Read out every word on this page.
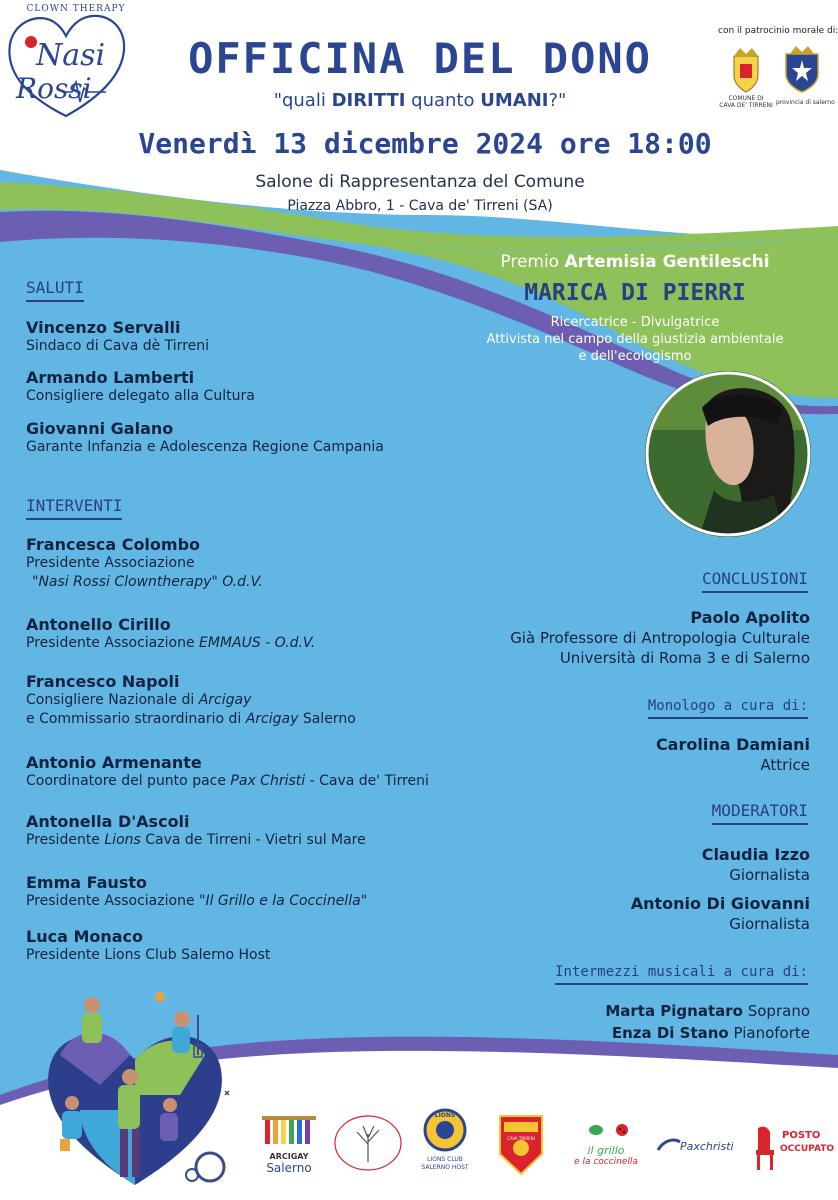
CLOWN THERAPY
Nasi
Rossi
OFFICINA DEL DONO
"quali DIRITTI quanto UMANI?"
Venerdì 13 dicembre 2024 ore 18:00
Salone di Rappresentanza del Comune
Piazza Abbro, 1 - Cava de' Tirreni (SA)
con il patrocinio morale di:
COMUNE DI
CAVA DE' TIRRENI provincia di salerno
SALUTI
Vincenzo Servalli
Sindaco di Cava dè Tirreni
Armando Lamberti
Consigliere delegato alla Cultura
Giovanni Galano
Garante Infanzia e Adolescenza Regione Campania
INTERVENTI
Francesca Colombo
Presidente Associazione
"Nasi Rossi Clowntherapy" O.d.V.
Antonello Cirillo
Presidente Associazione EMMAUS - O.d.V.
Francesco Napoli
Consigliere Nazionale di Arcigay
e Commissario straordinario di Arcigay Salerno
Antonio Armenante
Coordinatore del punto pace Pax Christi - Cava de' Tirreni
Antonella D'Ascoli
Presidente Lions Cava de Tirreni - Vietri sul Mare
Emma Fausto
Presidente Associazione "Il Grillo e la Coccinella"
Luca Monaco
Presidente Lions Club Salerno Host
Premio Artemisia Gentileschi
MARICA DI PIERRI
Ricercatrice - Divulgatrice
Attivista nel campo della giustizia ambientale
e dell'ecologismo
CONCLUSIONI
Paolo Apolito
Già Professore di Antropologia Culturale
Università di Roma 3 e di Salerno
Monologo a cura di:
Carolina Damiani
Attrice
MODERATORI
Claudia Izzo
Giornalista
Antonio Di Giovanni
Giornalista
Intermezzi musicali a cura di:
Marta Pignataro Soprano
Enza Di Stano Pianoforte
ARCIGAY
Salerno
LIONS
LIONS CLUB
SALERNO HOST
CAVA TIRRENI
il grillo
e la coccinella
Paxchristi
POSTO
OCCUPATO
